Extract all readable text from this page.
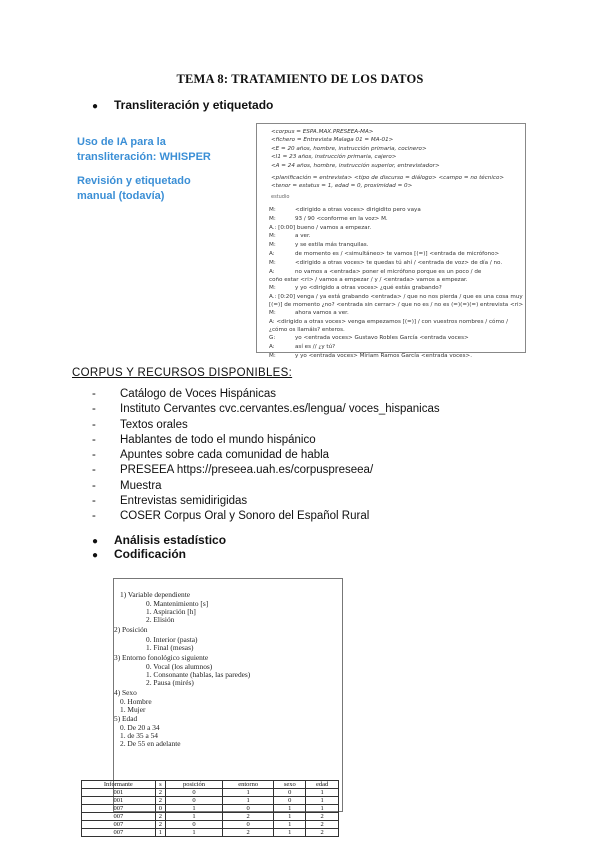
TEMA 8: TRATAMIENTO DE LOS DATOS
● Transliteración y etiquetado

Uso de IA para la transliteración: WHISPER

Revisión y etiquetado manual (todavía)

<corpus = ESPA.MAX.PRESEEA-MA>
<fichero = Entrevista Malaga 01 = MA-01>
<E = 20 años, hombre, instrucción primaria, cocinero>
<I1 = 23 años, instrucción primaria, cajero>
<A = 24 años, hombre, instrucción superior, entrevistador>
<planificación = entrevista> <tipo de discurso = diálogo> <campo = no técnico> <tenor = estatus = 1, edad = 0, proximidad = 0>
estudio
M:	<dirigido a otras voces> dirigidito pero vaya
M:	93 / 90 <conforme en la voz> M.
A.: [0:00] bueno / vamos a empezar.
M:	a ver.
M:	y se estila más tranquilas.
A:	de momento es / <simultáneo> te vamos [(=)] <entrada de micrófono>
M:	<dirigido a otras voces> te quedas tú ahí / <entrada de voz> de día / no.
A:	no vamos a <entrada> poner el micrófono porque es un poco / de
coño estar <ri> / vamos a empezar / y / <entrada> vamos a empezar.
M:	y yo <dirigido a otras voces> ¿qué estás grabando?
A.: [0:20] venga / ya está grabando <entrada> / que no nos pierda / que es una cosa muy [(=)] de momento ¿no? <entrada sin cerrar> / que no es / no es (=)(=)(=) entrevista <ri>
M:	ahora vamos a ver.
A: <dirigido a otras voces> venga empezamos [(=)] / con vuestros nombres / cómo / ¿cómo os llamáis? enteros.
G:	yo <entrada voces> Gustavo Robles García <entrada voces>
A:	así es // ¿y tú?
M:	y yo <entrada voces> Miriam Ramos García <entrada voces>.
CORPUS Y RECURSOS DISPONIBLES:
- Catálogo de Voces Hispánicas
- Instituto Cervantes cvc.cervantes.es/lengua/ voces_hispanicas
- Textos orales
- Hablantes de todo el mundo hispánico
- Apuntes sobre cada comunidad de habla
- PRESEEA https://preseea.uah.es/corpuspreseea/
- Muestra
- Entrevistas semidirigidas
- COSER Corpus Oral y Sonoro del Español Rural
● Análisis estadístico
● Codificación
1) Variable dependiente
0. Mantenimiento [s]
1. Aspiración [h]
2. Elisión
2) Posición
0. Interior (pasta)
1. Final (mesas)
3) Entorno fonológico siguiente
0. Vocal (los alumnos)
1. Consonante (hablas, las paredes)
2. Pausa (mirés)
4) Sexo
0. Hombre
1. Mujer
5) Edad
0. De 20 a 34
1. de 35 a 54
2. De 55 en adelante
Informante	s	posición	entorno	sexo	edad
001	2	0	1	0	1
001	2	0	1	0	1
007	0	1	0	1	1
007	2	1	2	1	2
007	2	0	0	1	2
007	1	1	2	1	2
